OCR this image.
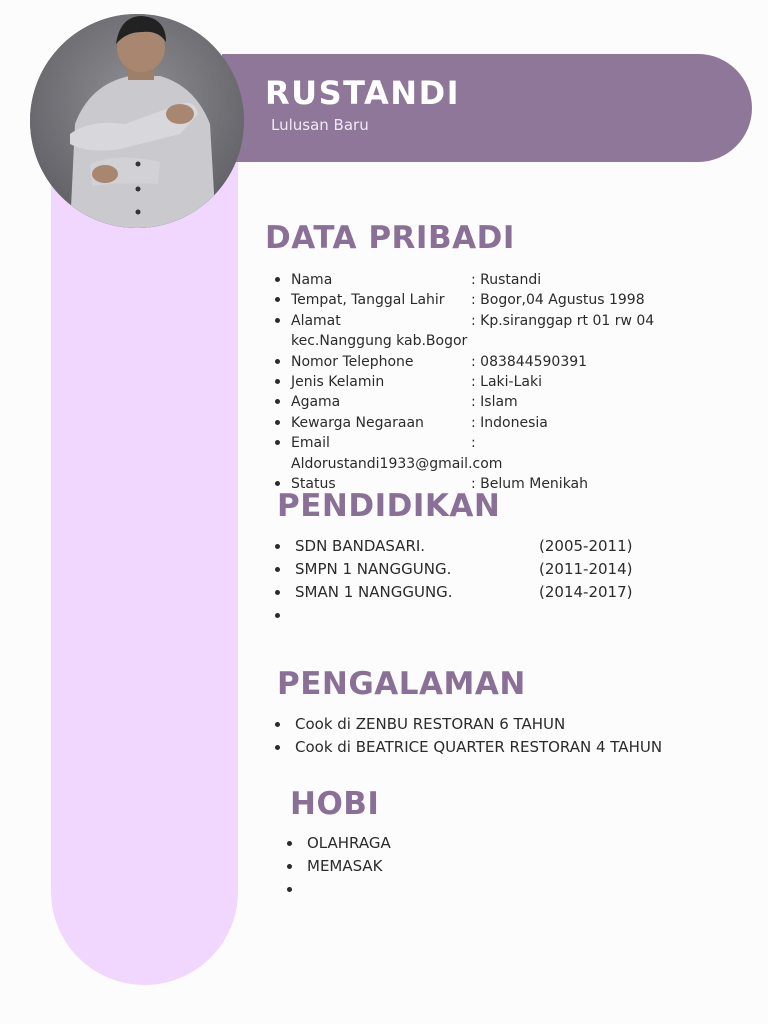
RUSTANDI
Lulusan Baru
DATA PRIBADI
Nama	: Rustandi
Tempat, Tanggal Lahir : Bogor,04 Agustus 1998
Alamat	: Kp.siranggap rt 01 rw 04
kec.Nanggung kab.Bogor
Nomor Telephone	: 083844590391
Jenis Kelamin	: Laki-Laki
Agama	: Islam
Kewarga Negaraan	: Indonesia
Email	:
Aldorustandi1933@gmail.com
Status	: Belum Menikah
PENDIDIKAN
SDN BANDASARI.	(2005-2011)
SMPN 1 NANGGUNG.	(2011-2014)
SMAN 1 NANGGUNG.	(2014-2017)
PENGALAMAN
Cook di ZENBU RESTORAN 6 TAHUN
Cook di BEATRICE QUARTER RESTORAN 4 TAHUN
HOBI
OLAHRAGA
MEMASAK
